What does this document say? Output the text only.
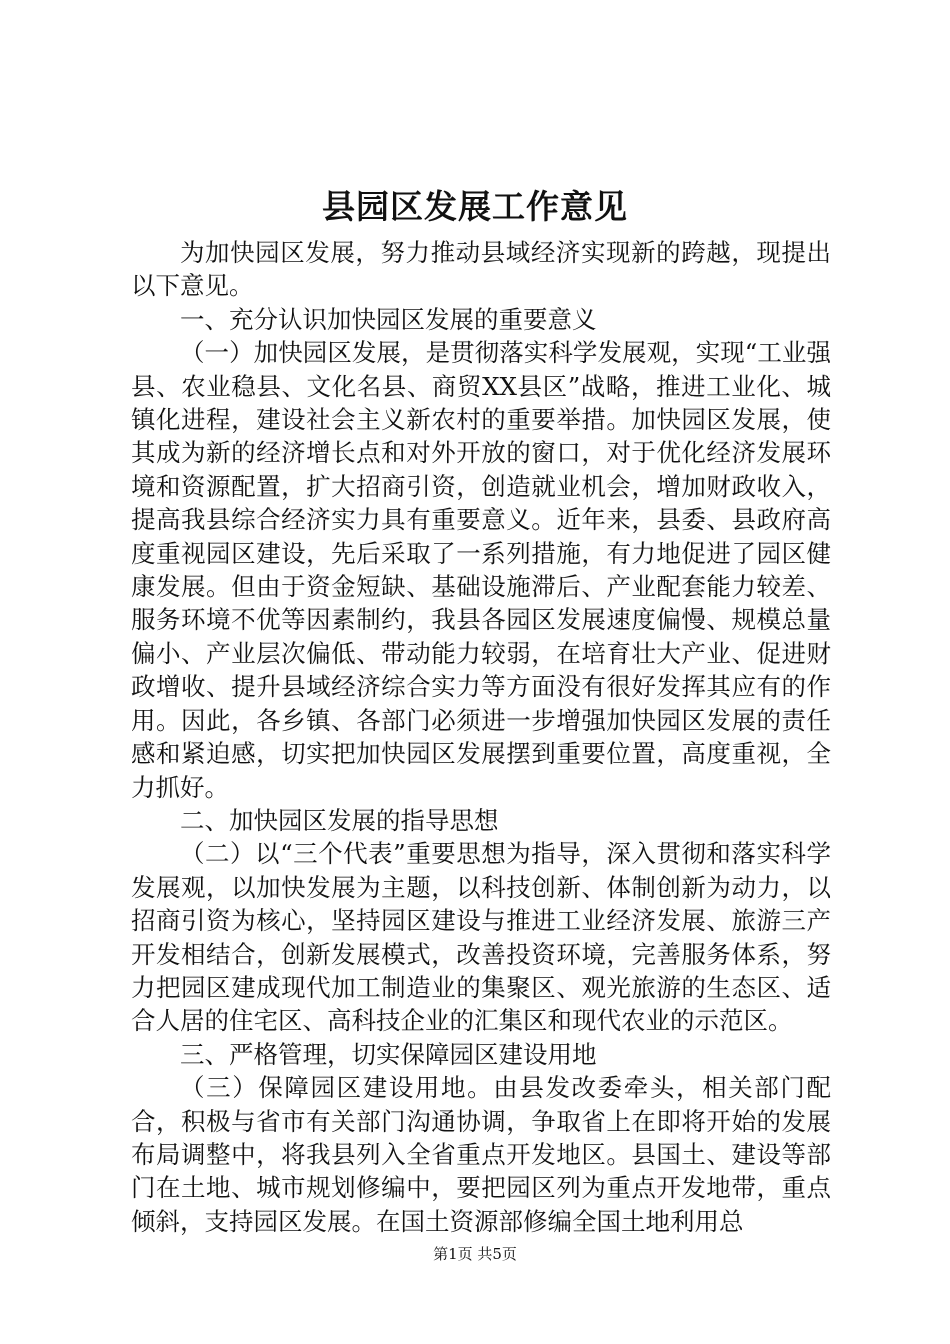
县园区发展工作意见

为加快园区发展，努力推动县域经济实现新的跨越，现提出以下意见。

一、充分认识加快园区发展的重要意义

（一）加快园区发展，是贯彻落实科学发展观，实现“工业强县、农业稳县、文化名县、商贸XX县区”战略，推进工业化、城镇化进程，建设社会主义新农村的重要举措。加快园区发展，使其成为新的经济增长点和对外开放的窗口，对于优化经济发展环境和资源配置，扩大招商引资，创造就业机会，增加财政收入，提高我县综合经济实力具有重要意义。近年来，县委、县政府高度重视园区建设，先后采取了一系列措施，有力地促进了园区健康发展。但由于资金短缺、基础设施滞后、产业配套能力较差、服务环境不优等因素制约，我县各园区发展速度偏慢、规模总量偏小、产业层次偏低、带动能力较弱，在培育壮大产业、促进财政增收、提升县域经济综合实力等方面没有很好发挥其应有的作用。因此，各乡镇、各部门必须进一步增强加快园区发展的责任感和紧迫感，切实把加快园区发展摆到重要位置，高度重视，全力抓好。

二、加快园区发展的指导思想

（二）以“三个代表”重要思想为指导，深入贯彻和落实科学发展观，以加快发展为主题，以科技创新、体制创新为动力，以招商引资为核心，坚持园区建设与推进工业经济发展、旅游三产开发相结合，创新发展模式，改善投资环境，完善服务体系，努力把园区建成现代加工制造业的集聚区、观光旅游的生态区、适合人居的住宅区、高科技企业的汇集区和现代农业的示范区。

三、严格管理，切实保障园区建设用地

（三）保障园区建设用地。由县发改委牵头，相关部门配合，积极与省市有关部门沟通协调，争取省上在即将开始的发展布局调整中，将我县列入全省重点开发地区。县国土、建设等部门在土地、城市规划修编中，要把园区列为重点开发地带，重点倾斜，支持园区发展。在国土资源部修编全国土地利用总

第1页 共5页
